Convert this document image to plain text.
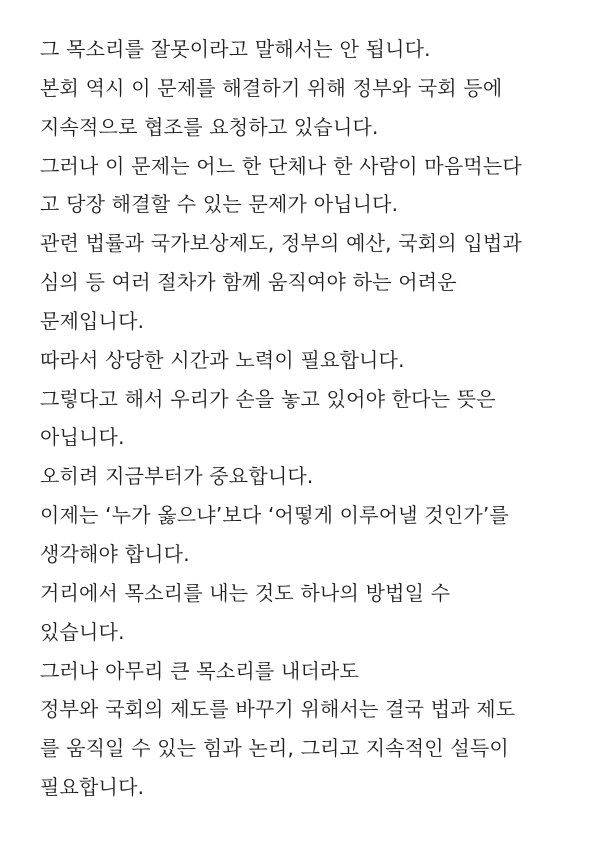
그 목소리를 잘못이라고 말해서는 안 됩니다.
본회 역시 이 문제를 해결하기 위해 정부와 국회 등에
지속적으로 협조를 요청하고 있습니다.
그러나 이 문제는 어느 한 단체나 한 사람이 마음먹는다
고 당장 해결할 수 있는 문제가 아닙니다.
관련 법률과 국가보상제도, 정부의 예산, 국회의 입법과
심의 등 여러 절차가 함께 움직여야 하는 어려운
문제입니다.
따라서 상당한 시간과 노력이 필요합니다.
그렇다고 해서 우리가 손을 놓고 있어야 한다는 뜻은
아닙니다.
오히려 지금부터가 중요합니다.
이제는 ‘누가 옳으냐’보다 ‘어떻게 이루어낼 것인가’를
생각해야 합니다.
거리에서 목소리를 내는 것도 하나의 방법일 수
있습니다.
그러나 아무리 큰 목소리를 내더라도
정부와 국회의 제도를 바꾸기 위해서는 결국 법과 제도
를 움직일 수 있는 힘과 논리, 그리고 지속적인 설득이
필요합니다.
